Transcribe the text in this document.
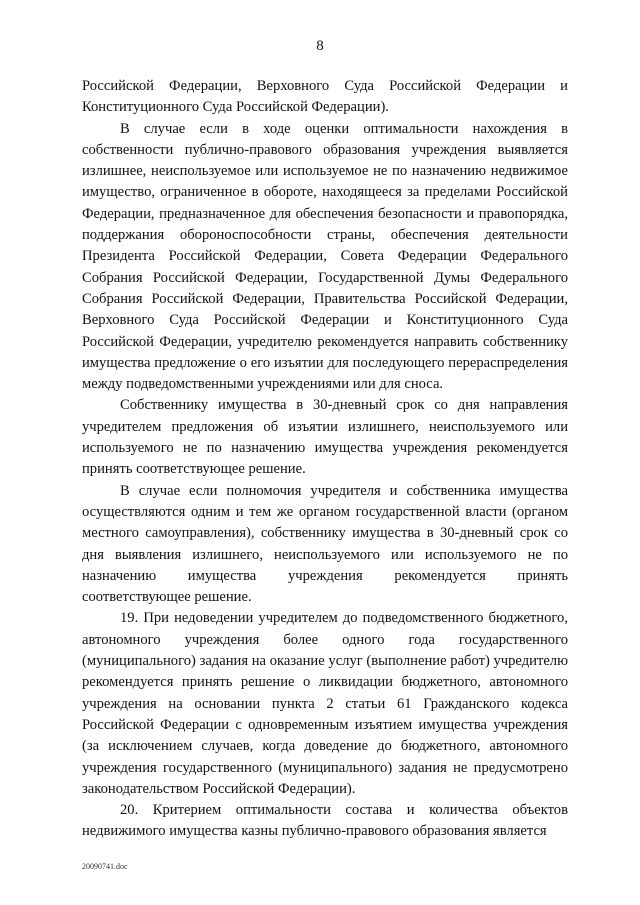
8

Российской Федерации, Верховного Суда Российской Федерации и Конституционного Суда Российской Федерации).

В случае если в ходе оценки оптимальности нахождения в собственности публично-правового образования учреждения выявляется излишнее, неиспользуемое или используемое не по назначению недвижимое имущество, ограниченное в обороте, находящееся за пределами Российской Федерации, предназначенное для обеспечения безопасности и правопорядка, поддержания обороноспособности страны, обеспечения деятельности Президента Российской Федерации, Совета Федерации Федерального Собрания Российской Федерации, Государственной Думы Федерального Собрания Российской Федерации, Правительства Российской Федерации, Верховного Суда Российской Федерации и Конституционного Суда Российской Федерации, учредителю рекомендуется направить собственнику имущества предложение о его изъятии для последующего перераспределения между подведомственными учреждениями или для сноса.

Собственнику имущества в 30-дневный срок со дня направления учредителем предложения об изъятии излишнего, неиспользуемого или используемого не по назначению имущества учреждения рекомендуется принять соответствующее решение.

В случае если полномочия учредителя и собственника имущества осуществляются одним и тем же органом государственной власти (органом местного самоуправления), собственнику имущества в 30-дневный срок со дня выявления излишнего, неиспользуемого или используемого не по назначению имущества учреждения рекомендуется принять соответствующее решение.

19. При недоведении учредителем до подведомственного бюджетного, автономного учреждения более одного года государственного (муниципального) задания на оказание услуг (выполнение работ) учредителю рекомендуется принять решение о ликвидации бюджетного, автономного учреждения на основании пункта 2 статьи 61 Гражданского кодекса Российской Федерации с одновременным изъятием имущества учреждения (за исключением случаев, когда доведение до бюджетного, автономного учреждения государственного (муниципального) задания не предусмотрено законодательством Российской Федерации).

20. Критерием оптимальности состава и количества объектов недвижимого имущества казны публично-правового образования является

20090741.doc
